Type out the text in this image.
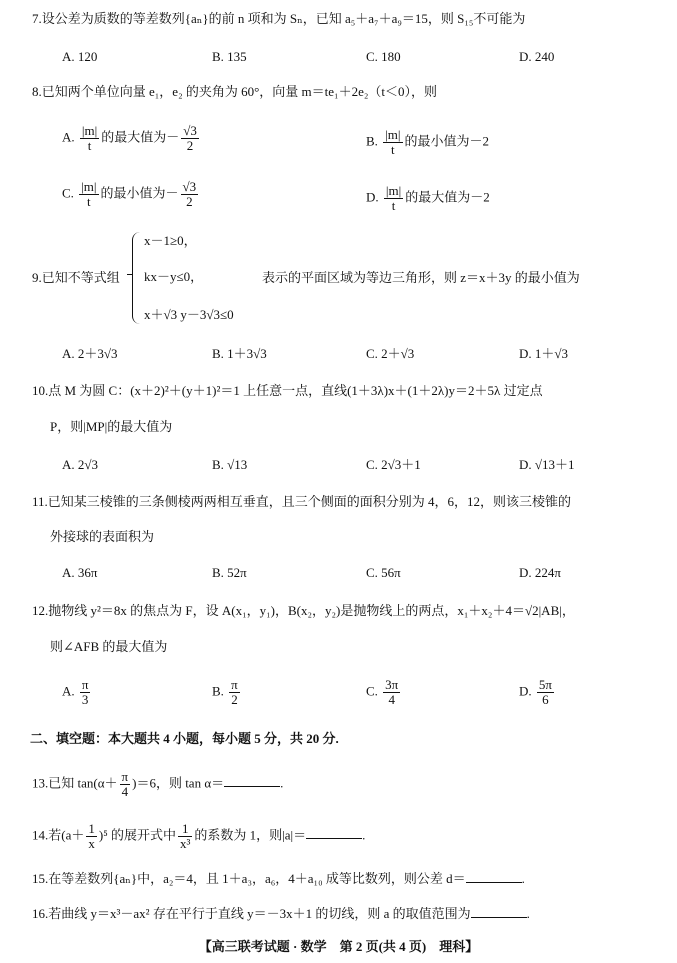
7.设公差为质数的等差数列{aₙ}的前 n 项和为 Sₙ，已知 a₅＋a₇＋a₉＝15，则 S₁₅不可能为
A. 120	B. 135	C. 180	D. 240
8.已知两个单位向量 e₁，e₂ 的夹角为 60°，向量 m＝te₁＋2e₂（t＜0），则
A. $\frac{|m|}{t}$ 的最大值为－ $\frac{√3}{2}$	B. $\frac{|m|}{t}$ 的最小值为－2
C. $\frac{|m|}{t}$ 的最小值为－ $\frac{√3}{2}$	D. $\frac{|m|}{t}$ 的最大值为－2
9.已知不等式组
x－1≥0，
kx－y≤0，
x＋√3 y－3√3≤0
表示的平面区域为等边三角形，则 z＝x＋3y 的最小值为
A. 2＋3√3	B. 1＋3√3	C. 2＋√3	D. 1＋√3
10.点 M 为圆 C：(x＋2)²＋(y＋1)²＝1 上任意一点，直线(1＋3λ)x＋(1＋2λ)y＝2＋5λ 过定点
P，则|MP|的最大值为
A. 2√3	B. √13	C. 2√3＋1	D. √13＋1
11.已知某三棱锥的三条侧棱两两相互垂直，且三个侧面的面积分别为 4，6，12，则该三棱锥的
外接球的表面积为
A. 36π	B. 52π	C. 56π	D. 224π
12.抛物线 y²＝8x 的焦点为 F，设 A(x₁，y₁)，B(x₂，y₂)是抛物线上的两点，x₁＋x₂＋4＝√2|AB|，
则∠AFB 的最大值为
A. $\frac{\pi}{3}$	B. $\frac{\pi}{2}$	C. $\frac{3\pi}{4}$	D. $\frac{5\pi}{6}$
二、填空题：本大题共 4 小题，每小题 5 分，共 20 分.
13.已知 $\tan(\alpha+ \frac{\pi}{4} )=6$，则 tan α＝	.
14.若$(a+ \frac{1}{x} )^5$ 的展开式中 $\frac{1}{\text{x³}}$ 的系数为 1，则|a|＝	.
15.在等差数列{aₙ}中，a₂＝4，且 1＋a₃，a₆，4＋a₁₀ 成等比数列，则公差 d＝	.
16.若曲线 y＝x³－ax² 存在平行于直线 y＝－3x＋1 的切线，则 a 的取值范围为	.
【高三联考试题 · 数学　第 2 页(共 4 页)　理科】
